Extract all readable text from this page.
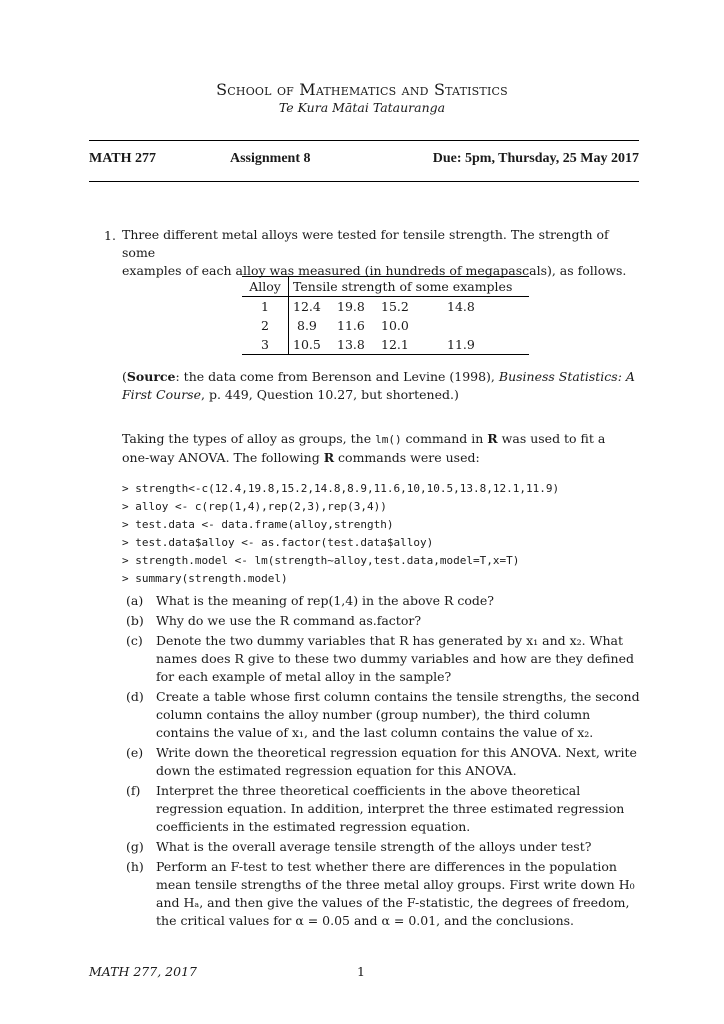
School of Mathematics and Statistics
Te Kura Mātai Tatauranga
MATH 277	Assignment 8	Due: 5pm, Thursday, 25 May 2017
1. Three different metal alloys were tested for tensile strength. The strength of some
examples of each alloy was measured (in hundreds of megapascals), as follows.
Alloy	Tensile strength of some examples			
1	12.4	19.8	15.2	14.8
2	8.9	11.6	10.0	
3	10.5	13.8	12.1	11.9
(Source: the data come from Berenson and Levine (1998), Business Statistics: A
First Course, p. 449, Question 10.27, but shortened.)
Taking the types of alloy as groups, the lm() command in R was used to fit a
one-way ANOVA. The following R commands were used:
> strength<-c(12.4,19.8,15.2,14.8,8.9,11.6,10,10.5,13.8,12.1,11.9)
> alloy <- c(rep(1,4),rep(2,3),rep(3,4))
> test.data <- data.frame(alloy,strength)
> test.data$alloy <- as.factor(test.data$alloy)
> strength.model <- lm(strength~alloy,test.data,model=T,x=T)
> summary(strength.model)
(a)	What is the meaning of rep(1,4) in the above R code?
(b) Why do we use the R command as.factor?
(c)	Denote the two dummy variables that R has generated by x₁ and x₂. What names does R give to these two dummy variables and how are they defined for each example of metal alloy in the sample?
(d) Create a table whose first column contains the tensile strengths, the second column contains the alloy number (group number), the third column contains the value of x₁, and the last column contains the value of x₂.
(e)	Write down the theoretical regression equation for this ANOVA. Next, write down the estimated regression equation for this ANOVA.
(f)	Interpret the three theoretical coefficients in the above theoretical regression equation. In addition, interpret the three estimated regression coefficients in the estimated regression equation.
(g) What is the overall average tensile strength of the alloys under test?
(h) Perform an F-test to test whether there are differences in the population mean tensile strengths of the three metal alloy groups. First write down H₀ and Hₐ, and then give the values of the F-statistic, the degrees of freedom, the critical values for α = 0.05 and α = 0.01, and the conclusions.
MATH 277, 2017	1
